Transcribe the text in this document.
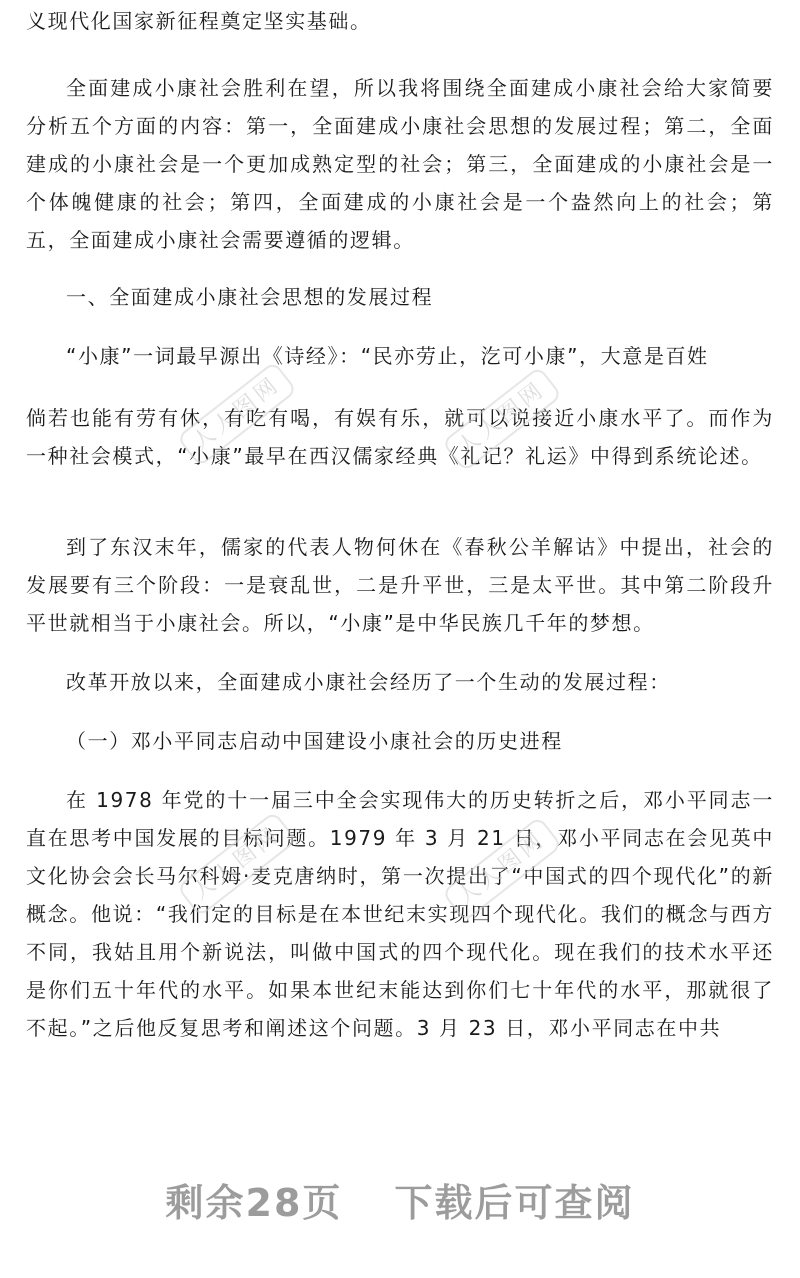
义现代化国家新征程奠定坚实基础。

全面建成小康社会胜利在望，所以我将围绕全面建成小康社会给大家简要分析五个方面的内容：第一，全面建成小康社会思想的发展过程；第二，全面建成的小康社会是一个更加成熟定型的社会；第三，全面建成的小康社会是一个体魄健康的社会；第四，全面建成的小康社会是一个盎然向上的社会；第五，全面建成小康社会需要遵循的逻辑。

一、全面建成小康社会思想的发展过程

“小康”一词最早源出《诗经》：“民亦劳止，汔可小康”，大意是百姓

倘若也能有劳有休，有吃有喝，有娱有乐，就可以说接近小康水平了。而作为一种社会模式，“小康”最早在西汉儒家经典《礼记？礼运》中得到系统论述。

到了东汉末年，儒家的代表人物何休在《春秋公羊解诂》中提出，社会的发展要有三个阶段：一是衰乱世，二是升平世，三是太平世。其中第二阶段升平世就相当于小康社会。所以，“小康”是中华民族几千年的梦想。

改革开放以来，全面建成小康社会经历了一个生动的发展过程：

（一）邓小平同志启动中国建设小康社会的历史进程

在 1978 年党的十一届三中全会实现伟大的历史转折之后，邓小平同志一直在思考中国发展的目标问题。1979 年 3 月 21 日，邓小平同志在会见英中文化协会会长马尔科姆·麦克唐纳时，第一次提出了“中国式的四个现代化”的新概念。他说：“我们定的目标是在本世纪末实现四个现代化。我们的概念与西方不同，我姑且用个新说法，叫做中国式的四个现代化。现在我们的技术水平还是你们五十年代的水平。如果本世纪末能达到你们七十年代的水平，那就很了不起。”之后他反复思考和阐述这个问题。3 月 23 日，邓小平同志在中共

人人图网	人人图网
人人图网	人人图网
剩余28页 下载后可查阅
